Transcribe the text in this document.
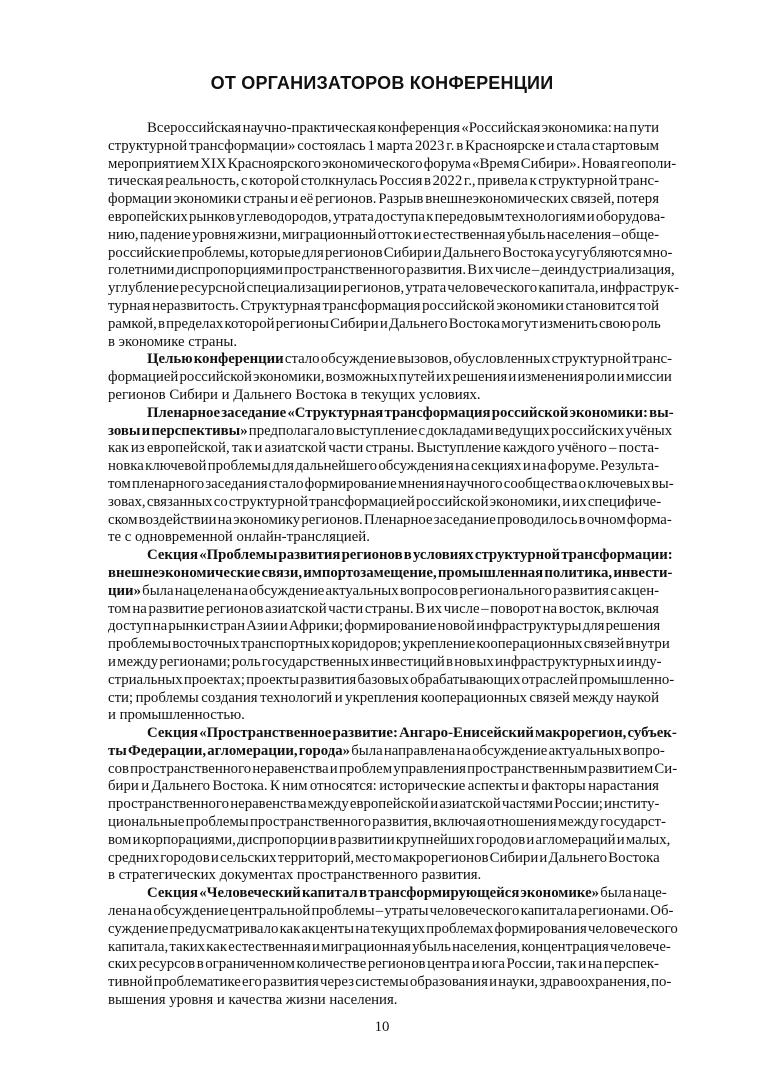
ОТ ОРГАНИЗАТОРОВ КОНФЕРЕНЦИИ
Всероссийская научно-практическая конференция «Российская экономика: на пути
структурной трансформации» состоялась 1 марта 2023 г. в Красноярске и стала стартовым
мероприятием XIX Красноярского экономического форума «Время Сибири». Новая геополи-
тическая реальность, с которой столкнулась Россия в 2022 г., привела к структурной транс-
формации экономики страны и её регионов. Разрыв внешнеэкономических связей, потеря
европейских рынков углеводородов, утрата доступа к передовым технологиям и оборудова-
нию, падение уровня жизни, миграционный отток и естественная убыль населения – обще-
российские проблемы, которые для регионов Сибири и Дальнего Востока усугубляются мно-
голетними диспропорциями пространственного развития. В их числе – деиндустриализация,
углубление ресурсной специализации регионов, утрата человеческого капитала, инфраструк-
турная неразвитость. Структурная трансформация российской экономики становится той
рамкой, в пределах которой регионы Сибири и Дальнего Востока могут изменить свою роль
в экономике страны.
Целью конференции стало обсуждение вызовов, обусловленных структурной транс-
формацией российской экономики, возможных путей их решения и изменения роли и миссии
регионов Сибири и Дальнего Востока в текущих условиях.
Пленарное заседание «Структурная трансформация российской экономики: вы-
зовы и перспективы» предполагало выступление с докладами ведущих российских учёных
как из европейской, так и азиатской части страны. Выступление каждого учёного – поста-
новка ключевой проблемы для дальнейшего обсуждения на секциях и на форуме. Результа-
том пленарного заседания стало формирование мнения научного сообщества о ключевых вы-
зовах, связанных со структурной трансформацией российской экономики, и их специфиче-
ском воздействии на экономику регионов. Пленарное заседание проводилось в очном форма-
те с одновременной онлайн-трансляцией.
Секция «Проблемы развития регионов в условиях структурной трансформации:
внешнеэкономические связи, импортозамещение, промышленная политика, инвести-
ции» была нацелена на обсуждение актуальных вопросов регионального развития с акцен-
том на развитие регионов азиатской части страны. В их числе – поворот на восток, включая
доступ на рынки стран Азии и Африки; формирование новой инфраструктуры для решения
проблемы восточных транспортных коридоров; укрепление кооперационных связей внутри
и между регионами; роль государственных инвестиций в новых инфраструктурных и инду-
стриальных проектах; проекты развития базовых обрабатывающих отраслей промышленно-
сти; проблемы создания технологий и укрепления кооперационных связей между наукой
и промышленностью.
Секция «Пространственное развитие: Ангаро-Енисейский макрорегион, субъек-
ты Федерации, агломерации, города» была направлена на обсуждение актуальных вопро-
сов пространственного неравенства и проблем управления пространственным развитием Си-
бири и Дальнего Востока. К ним относятся: исторические аспекты и факторы нарастания
пространственного неравенства между европейской и азиатской частями России; институ-
циональные проблемы пространственного развития, включая отношения между государст-
вом и корпорациями, диспропорции в развитии крупнейших городов и агломераций и малых,
средних городов и сельских территорий, место макрорегионов Сибири и Дальнего Востока
в стратегических документах пространственного развития.
Секция «Человеческий капитал в трансформирующейся экономике» была наце-
лена на обсуждение центральной проблемы – утраты человеческого капитала регионами. Об-
суждение предусматривало как акценты на текущих проблемах формирования человеческого
капитала, таких как естественная и миграционная убыль населения, концентрация человече-
ских ресурсов в ограниченном количестве регионов центра и юга России, так и на перспек-
тивной проблематике его развития через системы образования и науки, здравоохранения, по-
вышения уровня и качества жизни населения.
10
